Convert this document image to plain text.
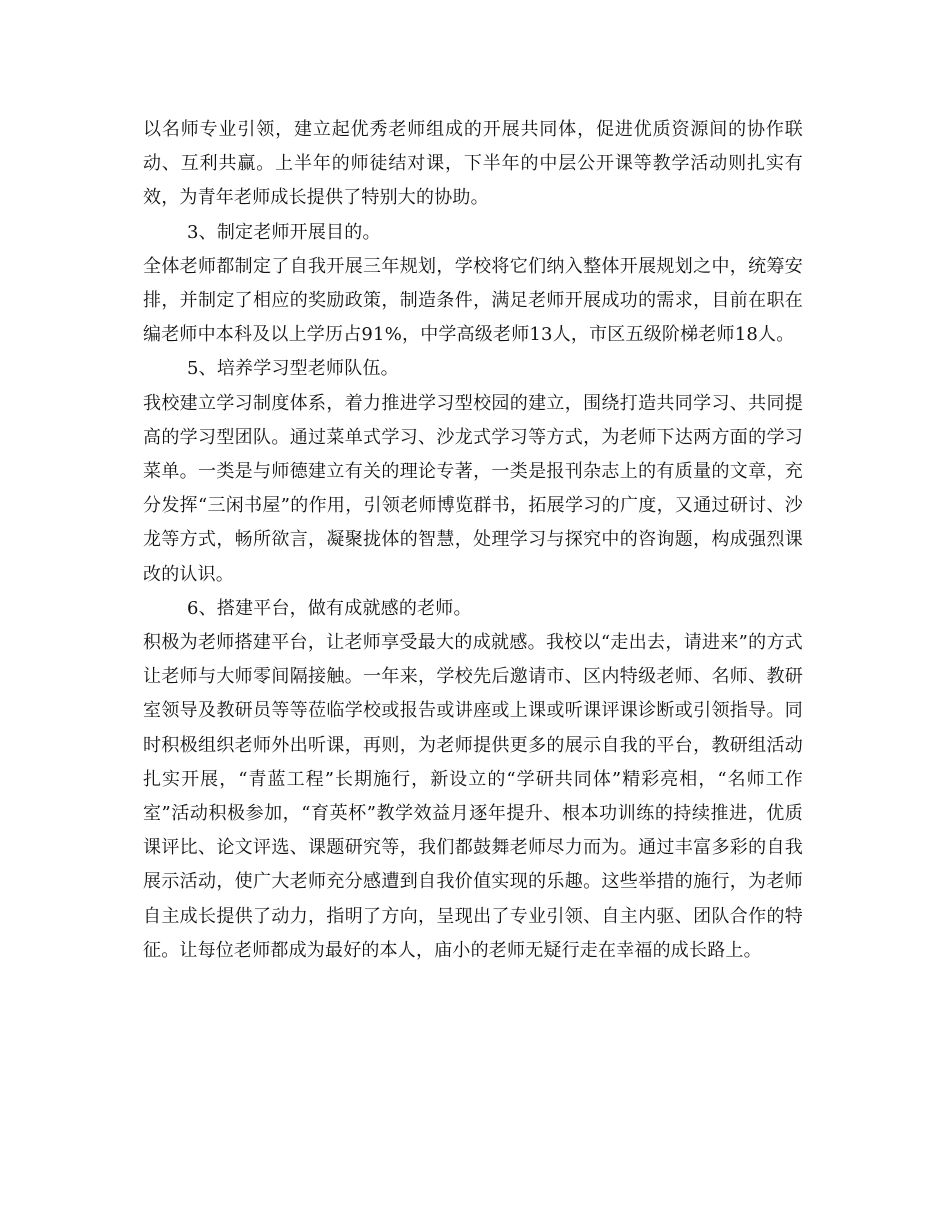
以名师专业引领，建立起优秀老师组成的开展共同体，促进优质资源间的协作联动、互利共赢。上半年的师徒结对课，下半年的中层公开课等教学活动则扎实有效，为青年老师成长提供了特别大的协助。

3、制定老师开展目的。

全体老师都制定了自我开展三年规划，学校将它们纳入整体开展规划之中，统筹安排，并制定了相应的奖励政策，制造条件，满足老师开展成功的需求，目前在职在编老师中本科及以上学历占91%，中学高级老师13人，市区五级阶梯老师18人。

5、培养学习型老师队伍。

我校建立学习制度体系，着力推进学习型校园的建立，围绕打造共同学习、共同提高的学习型团队。通过菜单式学习、沙龙式学习等方式，为老师下达两方面的学习菜单。一类是与师德建立有关的理论专著，一类是报刊杂志上的有质量的文章，充分发挥“三闲书屋”的作用，引领老师博览群书，拓展学习的广度，又通过研讨、沙龙等方式，畅所欲言，凝聚拢体的智慧，处理学习与探究中的咨询题，构成强烈课改的认识。

6、搭建平台，做有成就感的老师。

积极为老师搭建平台，让老师享受最大的成就感。我校以“走出去，请进来”的方式让老师与大师零间隔接触。一年来，学校先后邀请市、区内特级老师、名师、教研室领导及教研员等等莅临学校或报告或讲座或上课或听课评课诊断或引领指导。同时积极组织老师外出听课，再则，为老师提供更多的展示自我的平台，教研组活动扎实开展，“青蓝工程”长期施行，新设立的“学研共同体”精彩亮相，“名师工作室”活动积极参加，“育英杯”教学效益月逐年提升、根本功训练的持续推进，优质课评比、论文评选、课题研究等，我们都鼓舞老师尽力而为。通过丰富多彩的自我展示活动，使广大老师充分感遭到自我价值实现的乐趣。这些举措的施行，为老师自主成长提供了动力，指明了方向，呈现出了专业引领、自主内驱、团队合作的特征。让每位老师都成为最好的本人，庙小的老师无疑行走在幸福的成长路上。
